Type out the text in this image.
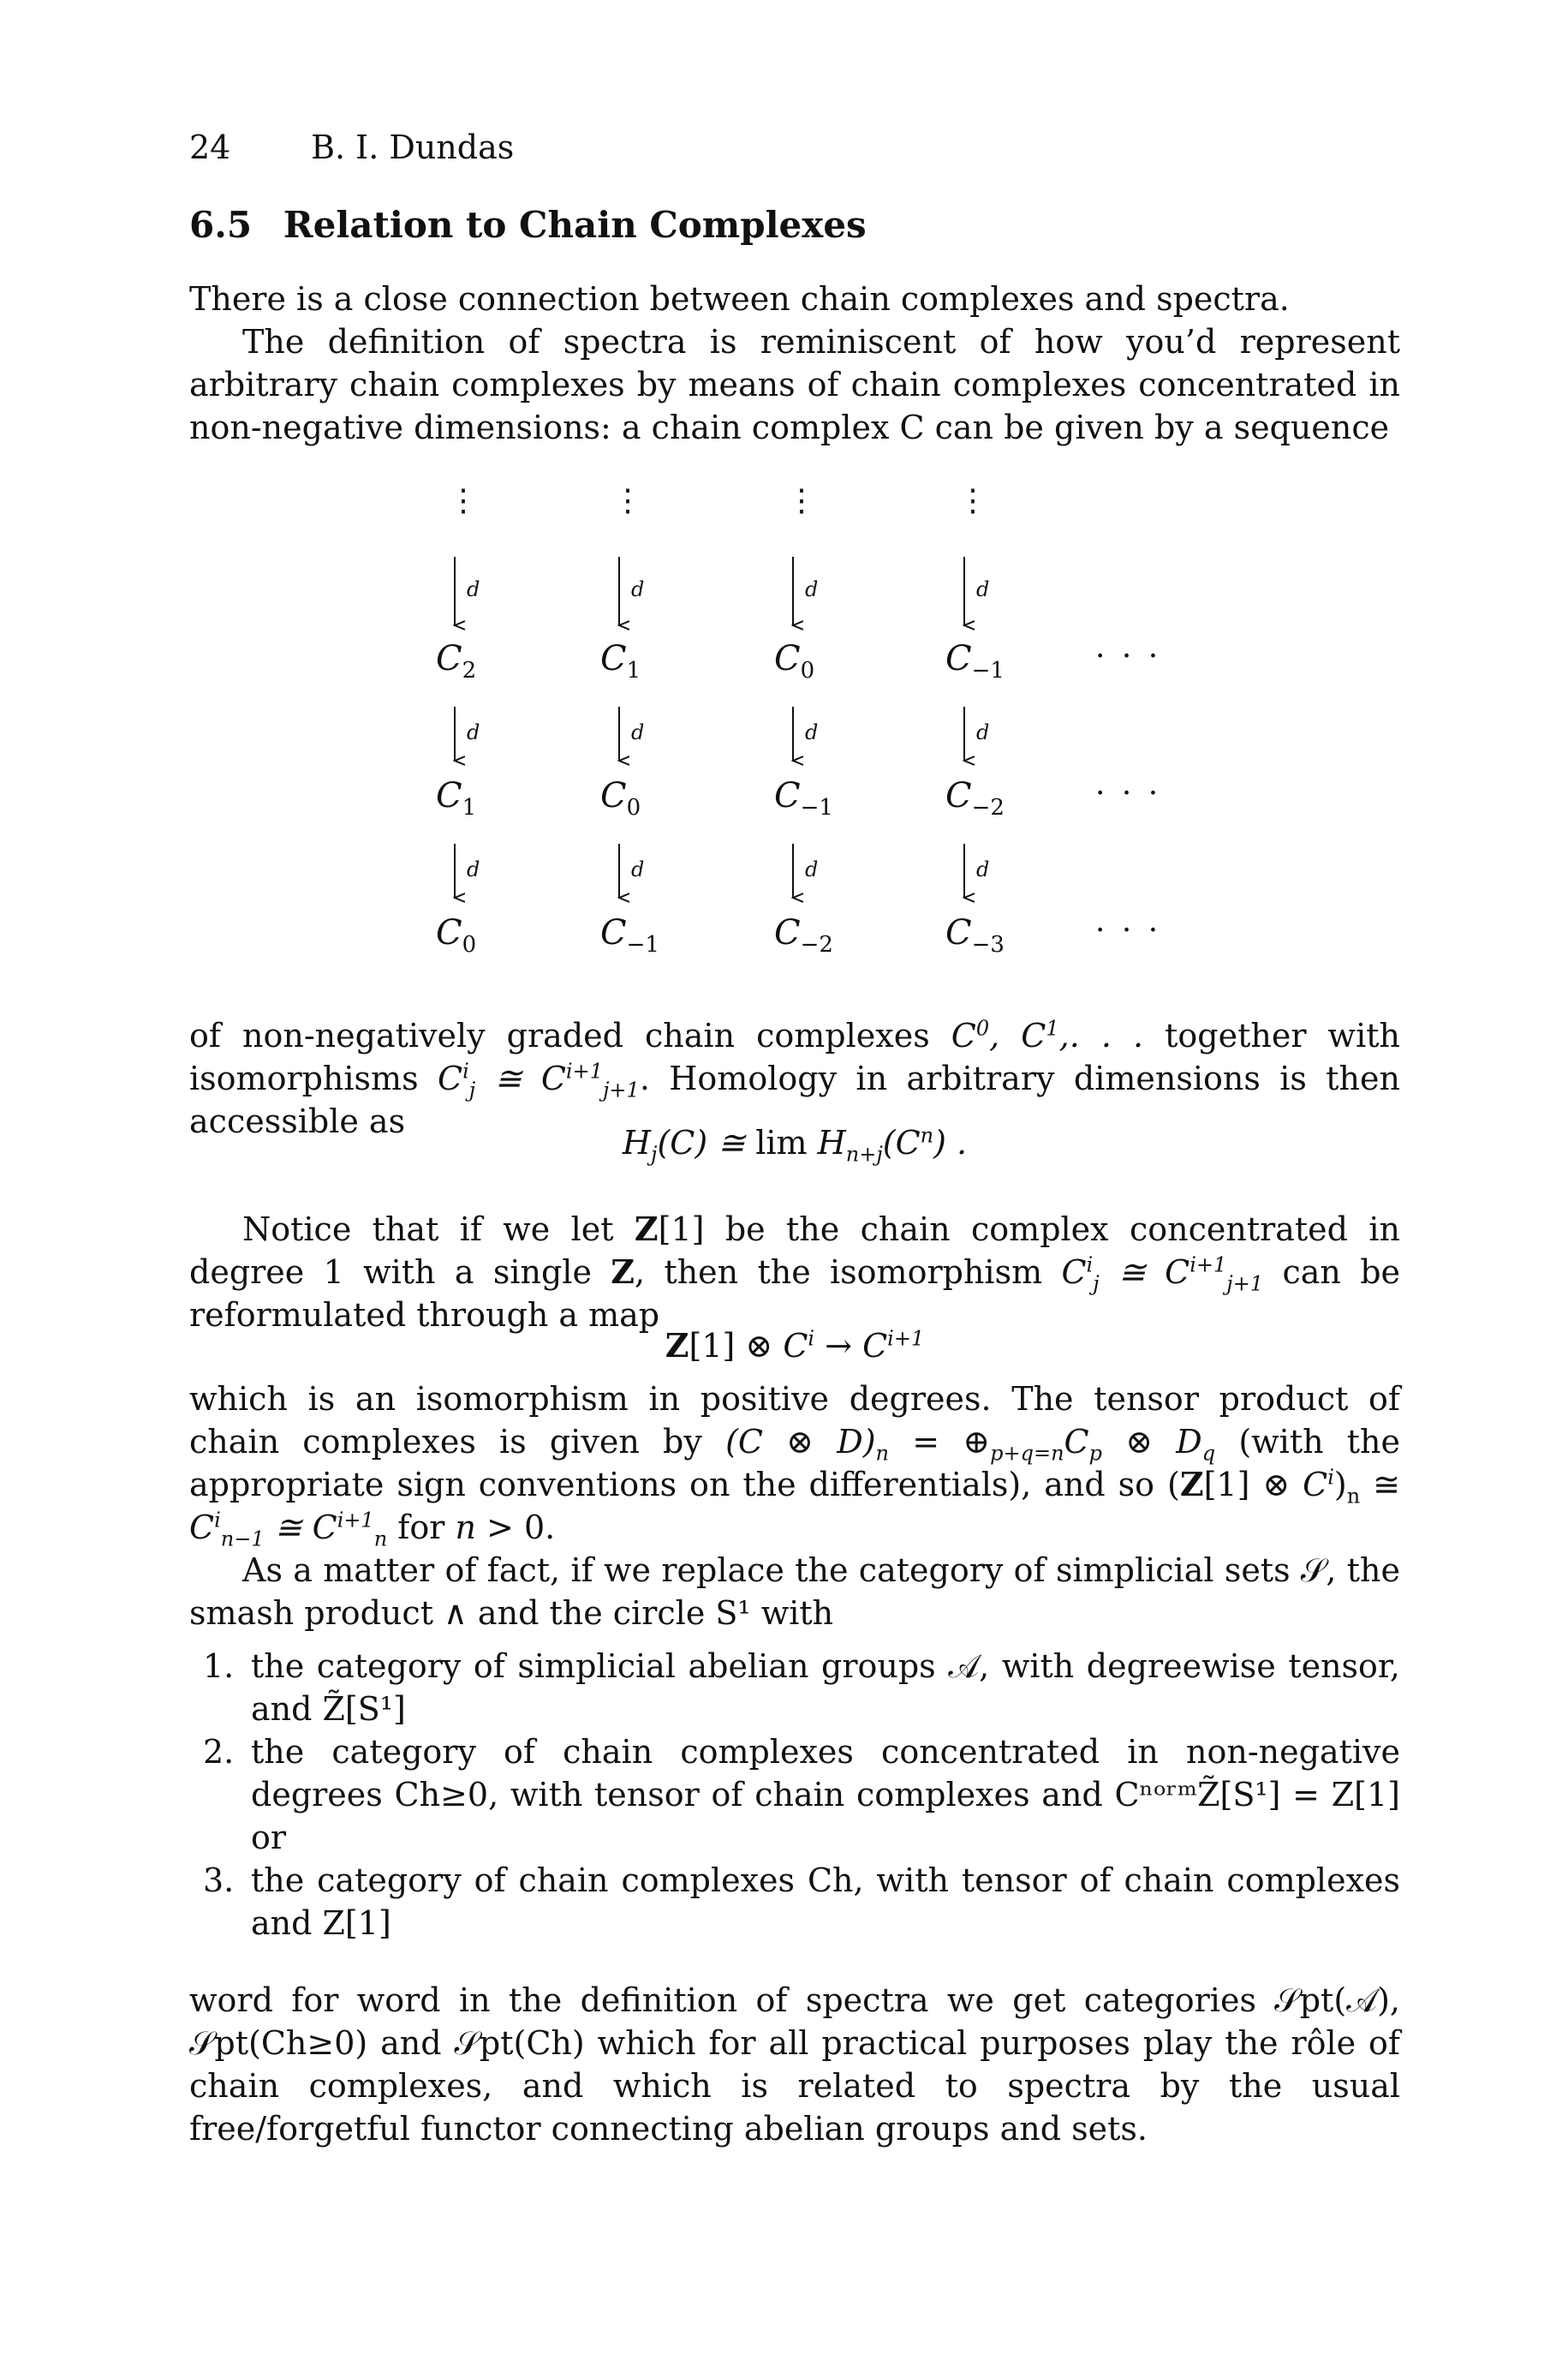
24 B. I. Dundas
6.5 Relation to Chain Complexes

There is a close connection between chain complexes and spectra.

The definition of spectra is reminiscent of how you’d represent arbitrary chain complexes by means of chain complexes concentrated in non-negative dimensions: a chain complex C can be given by a sequence

⋮
d
d
d
⋮
d
d
d
⋮
d
d
d
⋮
d
d
d
$C_2$	$C_1$	$C_0$	$C_{-1}$	· · ·
$C_1$	$C_0$	$C_{-1}$	$C_{-2}$	· · ·
$C_0$	$C_{-1}$	$C_{-2}$	$C_{-3}$	· · ·

of non-negatively graded chain complexes $C^0$, $C^1$,. . . together with isomorphisms $C^i_j$ ≅ $C^{i+1}_{j+1}$. Homology in arbitrary dimensions is then accessible as

$H_j(C)$ ≅ $\lim H_{n+j}(C^n)$ .

Notice that if we let Z[1] be the chain complex concentrated in degree 1 with a single Z, then the isomorphism $C^i_j$ ≅ $C^{i+1}_{j+1}$ can be reformulated through a map

Z[1] ⊗ $C^i \to C^{i+1}$

which is an isomorphism in positive degrees. The tensor product of chain complexes is given by (C ⊗ $D)_n$ = $\oplus_{p+q=n}C_p$ ⊗ $D_q$ (with the appropriate sign conventions on the differentials), and so (Z[1] ⊗ $C^i)_n$ ≅ $C^i_{n-1}$ ≅ $C^{i+1}_n$ for n > 0.

As a matter of fact, if we replace the category of simplicial sets 𝒮, the smash product ∧ and the circle S¹ with

1. the category of simplicial abelian groups 𝒜, with degreewise tensor, and Z̃[S¹]
2. the category of chain complexes concentrated in non-negative degrees Ch≥0, with tensor of chain complexes and CⁿᵒʳᵐZ̃[S¹] = Z[1] or
3. the category of chain complexes Ch, with tensor of chain complexes and Z[1]

word for word in the definition of spectra we get categories 𝒮pt(𝒜), 𝒮pt(Ch≥0) and 𝒮pt(Ch) which for all practical purposes play the rôle of chain complexes, and which is related to spectra by the usual free/forgetful functor connecting abelian groups and sets.
